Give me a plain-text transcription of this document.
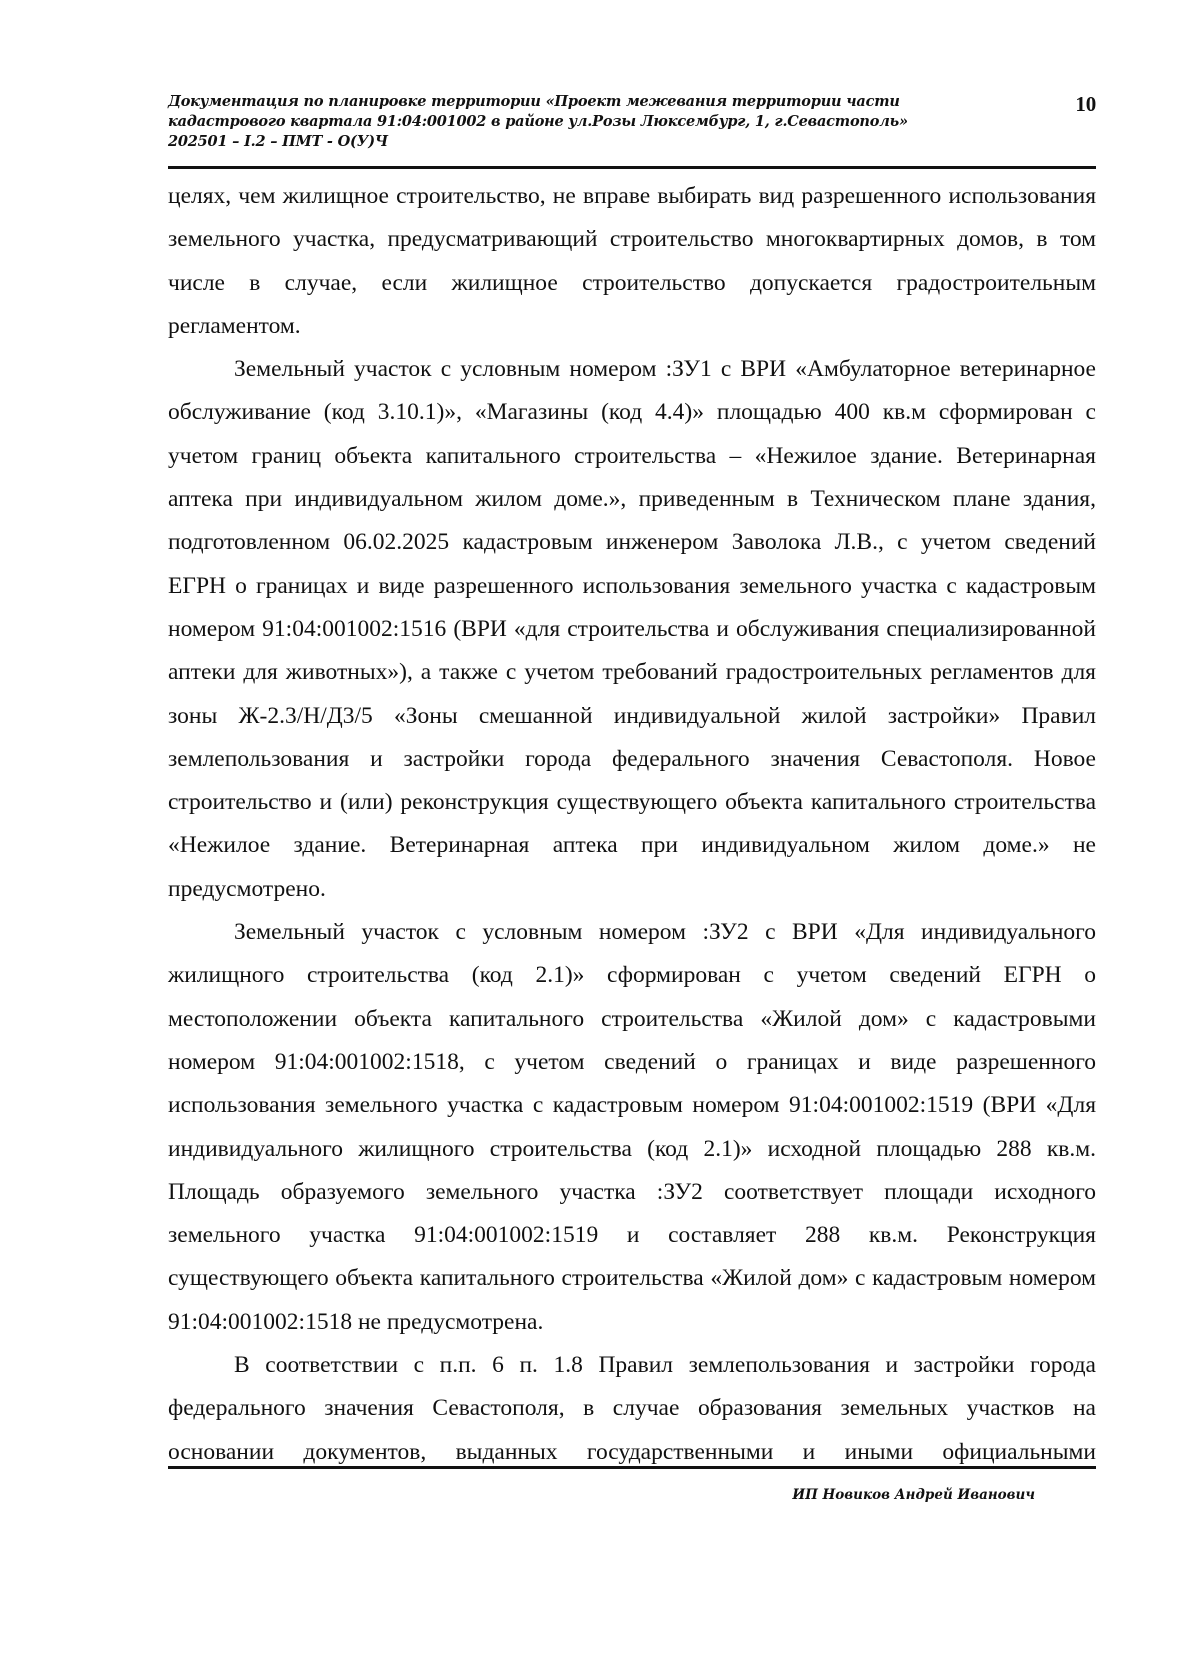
Документация по планировке территории «Проект межевания территории части
кадастрового квартала 91:04:001002 в районе ул.Розы Люксембург, 1, г.Севастополь»
202501 – I.2 – ПМТ - О(У)Ч
10

целях, чем жилищное строительство, не вправе выбирать вид разрешенного использования земельного участка, предусматривающий строительство многоквартирных домов, в том числе в случае, если жилищное строительство допускается градостроительным регламентом.

Земельный участок с условным номером :ЗУ1 с ВРИ «Амбулаторное ветеринарное обслуживание (код 3.10.1)», «Магазины (код 4.4)» площадью 400 кв.м сформирован с учетом границ объекта капитального строительства – «Нежилое здание. Ветеринарная аптека при индивидуальном жилом доме.», приведенным в Техническом плане здания, подготовленном 06.02.2025 кадастровым инженером Заволока Л.В., с учетом сведений ЕГРН о границах и виде разрешенного использования земельного участка с кадастровым номером 91:04:001002:1516 (ВРИ «для строительства и обслуживания специализированной аптеки для животных»), а также с учетом требований градостроительных регламентов для зоны Ж-2.3/Н/Д3/5 «Зоны смешанной индивидуальной жилой застройки» Правил землепользования и застройки города федерального значения Севастополя. Новое строительство и (или) реконструкция существующего объекта капитального строительства «Нежилое здание. Ветеринарная аптека при индивидуальном жилом доме.» не предусмотрено.

Земельный участок с условным номером :ЗУ2 с ВРИ «Для индивидуального жилищного строительства (код 2.1)» сформирован с учетом сведений ЕГРН о местоположении объекта капитального строительства «Жилой дом» с кадастровыми номером 91:04:001002:1518, с учетом сведений о границах и виде разрешенного использования земельного участка с кадастровым номером 91:04:001002:1519 (ВРИ «Для индивидуального жилищного строительства (код 2.1)» исходной площадью 288 кв.м. Площадь образуемого земельного участка :ЗУ2 соответствует площади исходного земельного участка 91:04:001002:1519 и составляет 288 кв.м. Реконструкция существующего объекта капитального строительства «Жилой дом» с кадастровым номером 91:04:001002:1518 не предусмотрена.

В соответствии с п.п. 6 п. 1.8 Правил землепользования и застройки города федерального значения Севастополя, в случае образования земельных участков на основании документов, выданных государственными и иными официальными

ИП Новиков Андрей Иванович
